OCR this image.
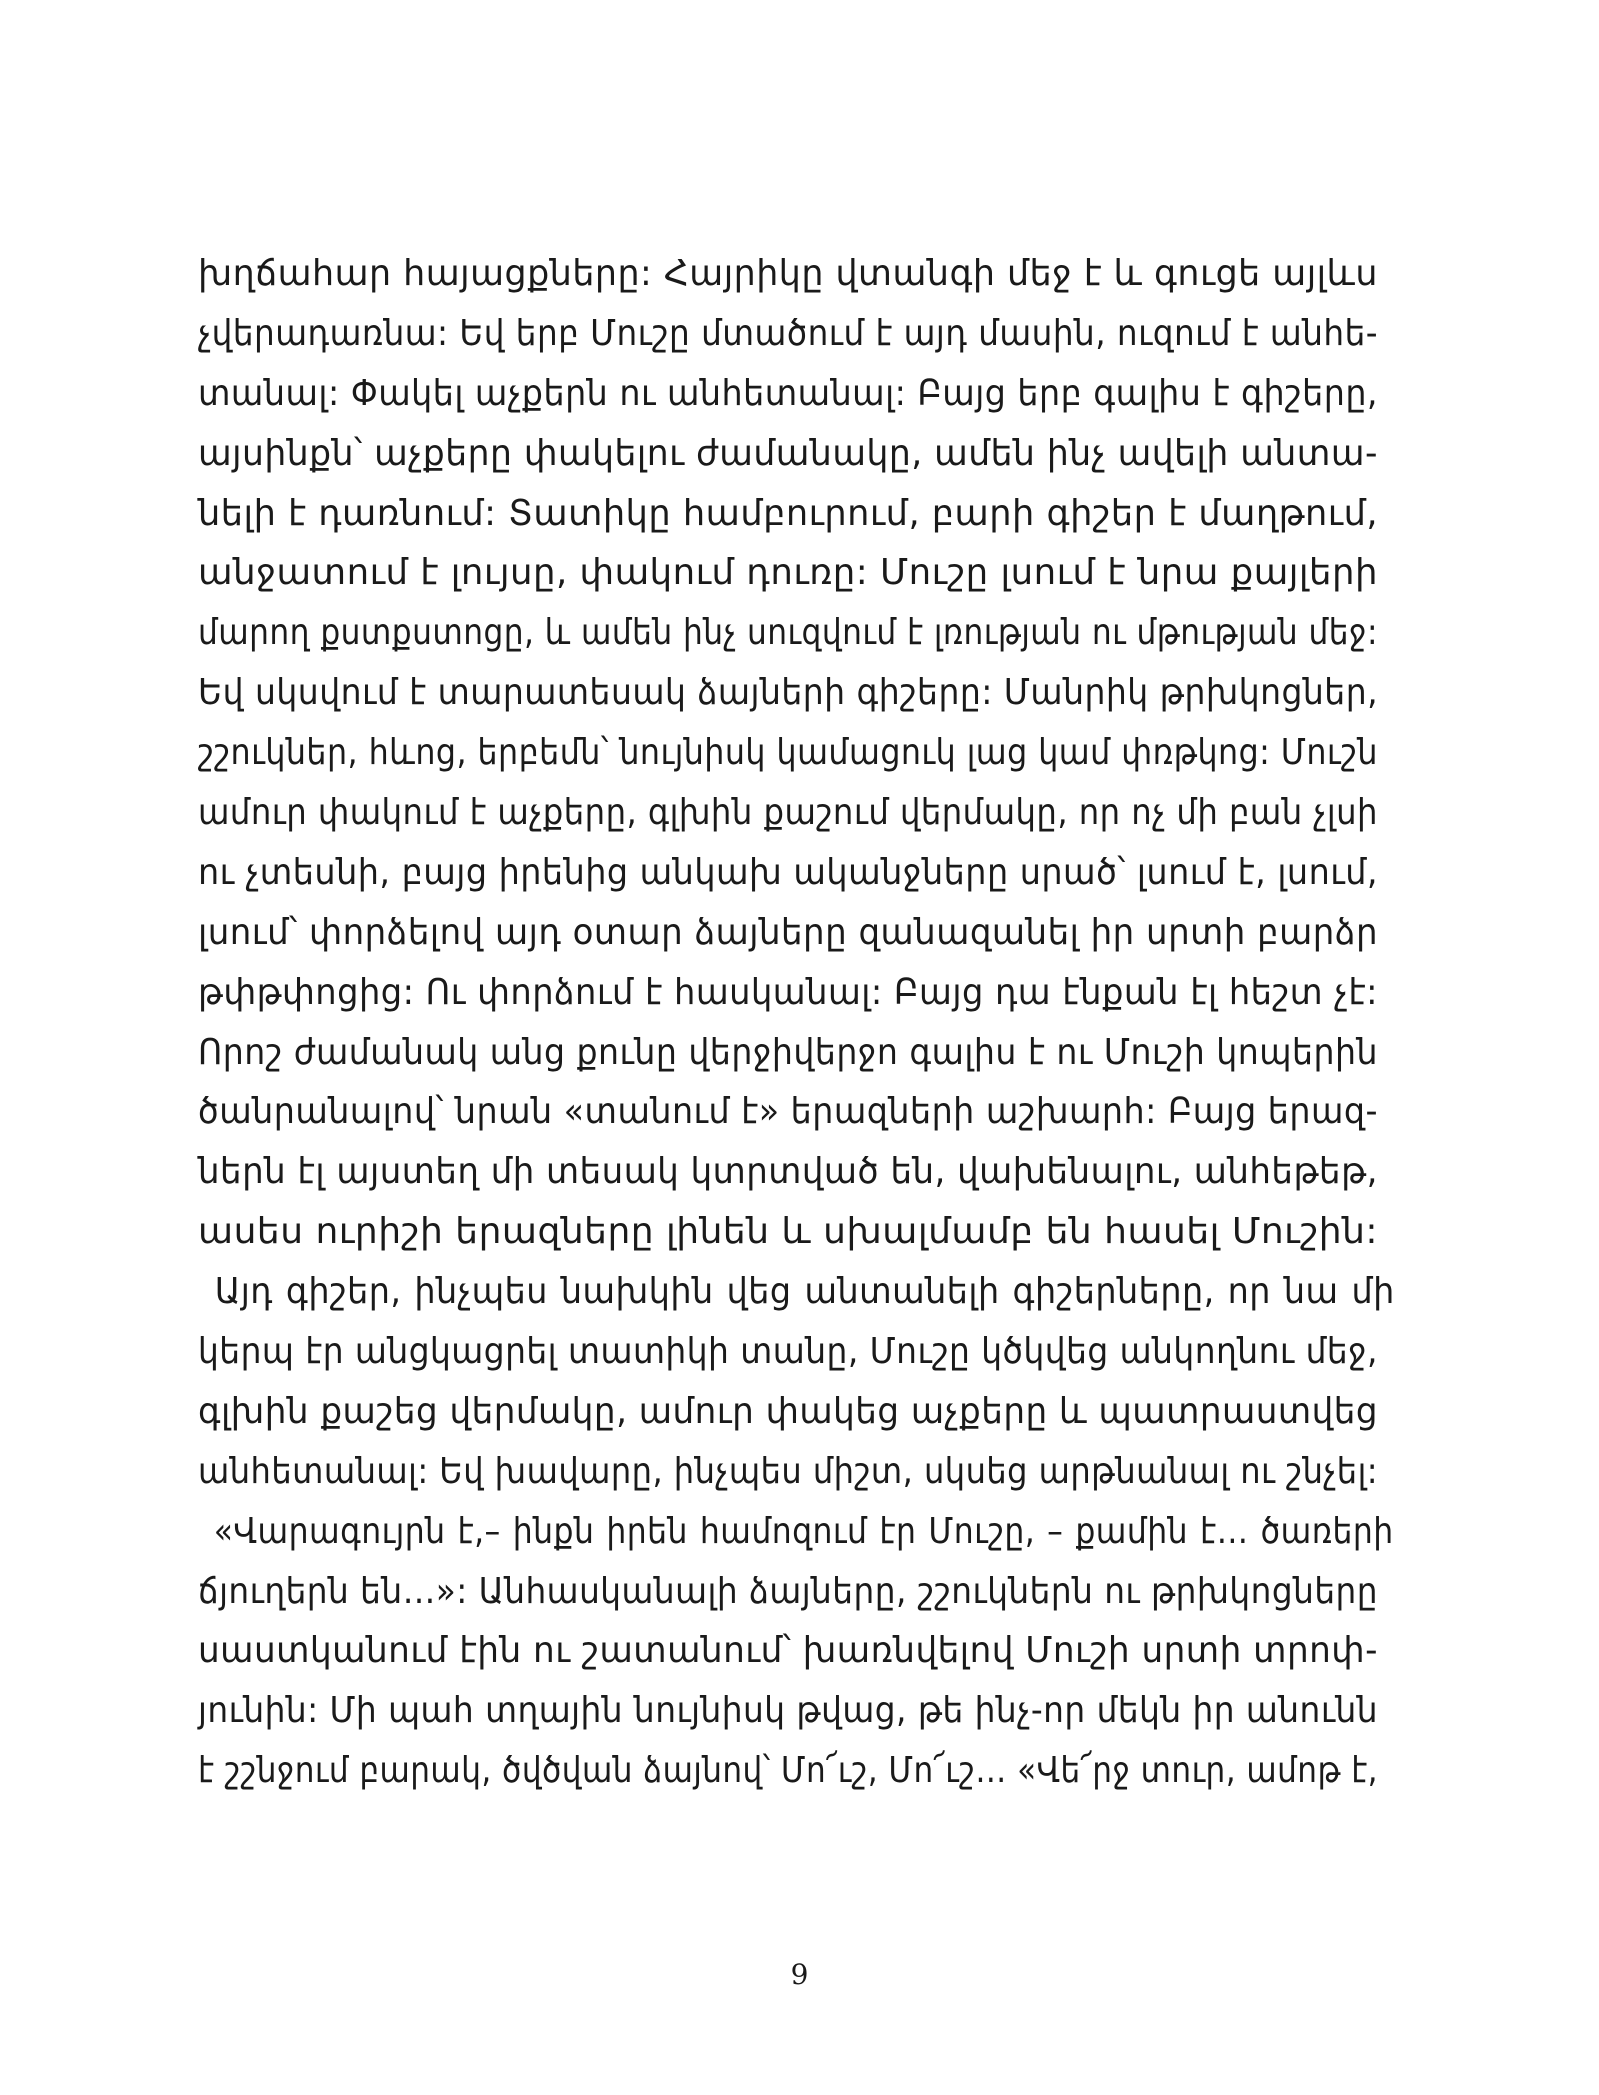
խղճահար հայացքները: Հայրիկը վտանգի մեջ է և գուցե այլևս
չվերադառնա: Եվ երբ Մուշը մտածում է այդ մասին, ուզում է անհե-
տանալ: Փակել աչքերն ու անհետանալ: Բայց երբ գալիս է գիշերը,
այսինքն՝ աչքերը փակելու ժամանակը, ամեն ինչ ավելի անտա-
նելի է դառնում: Տատիկը համբուրում, բարի գիշեր է մաղթում,
անջատում է լույսը, փակում դուռը: Մուշը լսում է նրա քայլերի
մարող քստքստոցը, և ամեն ինչ սուզվում է լռության ու մթության մեջ:
Եվ սկսվում է տարատեսակ ձայների գիշերը: Մանրիկ թրխկոցներ,
շշուկներ, հևոց, երբեմն՝ նույնիսկ կամացուկ լաց կամ փռթկոց: Մուշն
ամուր փակում է աչքերը, գլխին քաշում վերմակը, որ ոչ մի բան չլսի
ու չտեսնի, բայց իրենից անկախ ականջները սրած՝ լսում է, լսում,
լսում՝ փորձելով այդ օտար ձայները զանազանել իր սրտի բարձր
թփթփոցից: Ու փորձում է հասկանալ: Բայց դա էնքան էլ հեշտ չէ:
Որոշ ժամանակ անց քունը վերջիվերջո գալիս է ու Մուշի կոպերին
ծանրանալով՝ նրան «տանում է» երազների աշխարհ: Բայց երազ-
ներն էլ այստեղ մի տեսակ կտրտված են, վախենալու, անհեթեթ,
ասես ուրիշի երազները լինեն և սխալմամբ են հասել Մուշին:
Այդ գիշեր, ինչպես նախկին վեց անտանելի գիշերները, որ նա մի
կերպ էր անցկացրել տատիկի տանը, Մուշը կծկվեց անկողնու մեջ,
գլխին քաշեց վերմակը, ամուր փակեց աչքերը և պատրաստվեց
անհետանալ: Եվ խավարը, ինչպես միշտ, սկսեց արթնանալ ու շնչել:
«Վարագույրն է,– ինքն իրեն համոզում էր Մուշը, – քամին է… ծառերի
ճյուղերն են…»: Անհասկանալի ձայները, շշուկներն ու թրխկոցները
սաստկանում էին ու շատանում՝ խառնվելով Մուշի սրտի տրոփ-
յունին: Մի պահ տղային նույնիսկ թվաց, թե ինչ-որ մեկն իր անունն
է շշնջում բարակ, ծվծվան ձայնով՝ Մո՜ւշ, Մո՜ւշ… «Վե՜րջ տուր, ամոթ է,
9
